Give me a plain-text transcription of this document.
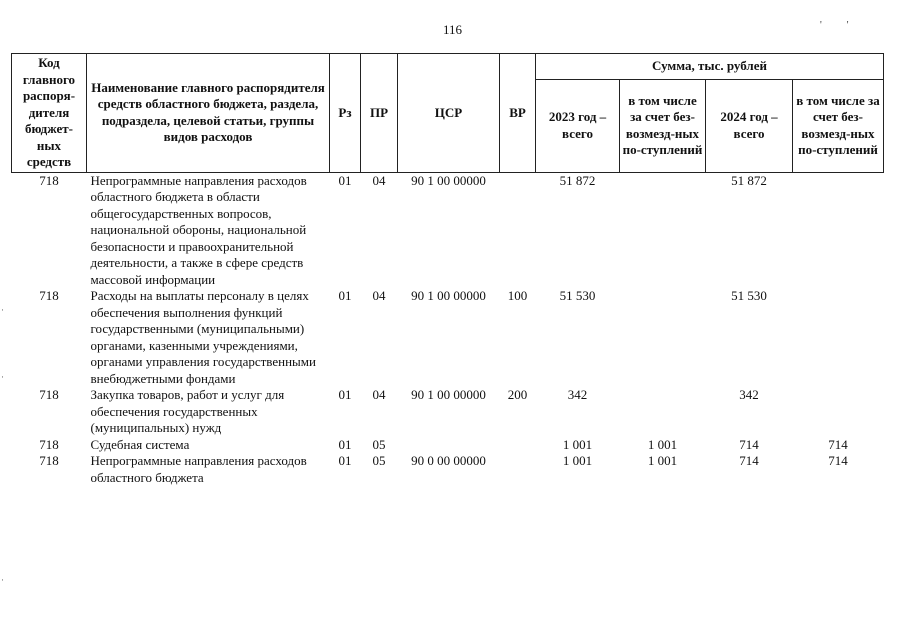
116	'          '
·
·
·
Код главного распоря-дителя бюджет-ных средств	Наименование главного распорядителя средств областного бюджета, раздела, подраздела, целевой статьи, группы видов расходов	Рз	ПР	ЦСР	ВР	Сумма, тыс. рублей			
						2023 год – всего	в том числе за счет без-возмезд-ных по-ступлений	2024 год – всего	в том числе за счет без-возмезд-ных по-ступлений
718	Непрограммные направления расходов областного бюджета в области общегосударственных вопросов, национальной обороны, национальной безопасности и правоохранительной деятельности, а также в сфере средств массовой информации	01	04	90 1 00 00000		51 872		51 872	
718	Расходы на выплаты персоналу в целях обеспечения выполнения функций государственными (муниципальными) органами, казенными учреждениями, органами управления государственными внебюджетными фондами	01	04	90 1 00 00000	100	51 530		51 530	
718	Закупка товаров, работ и услуг для обеспечения государственных (муниципальных) нужд	01	04	90 1 00 00000	200	342		342	
718	Судебная система	01	05			1 001	1 001	714	714
718	Непрограммные направления расходов областного бюджета	01	05	90 0 00 00000		1 001	1 001	714	714
